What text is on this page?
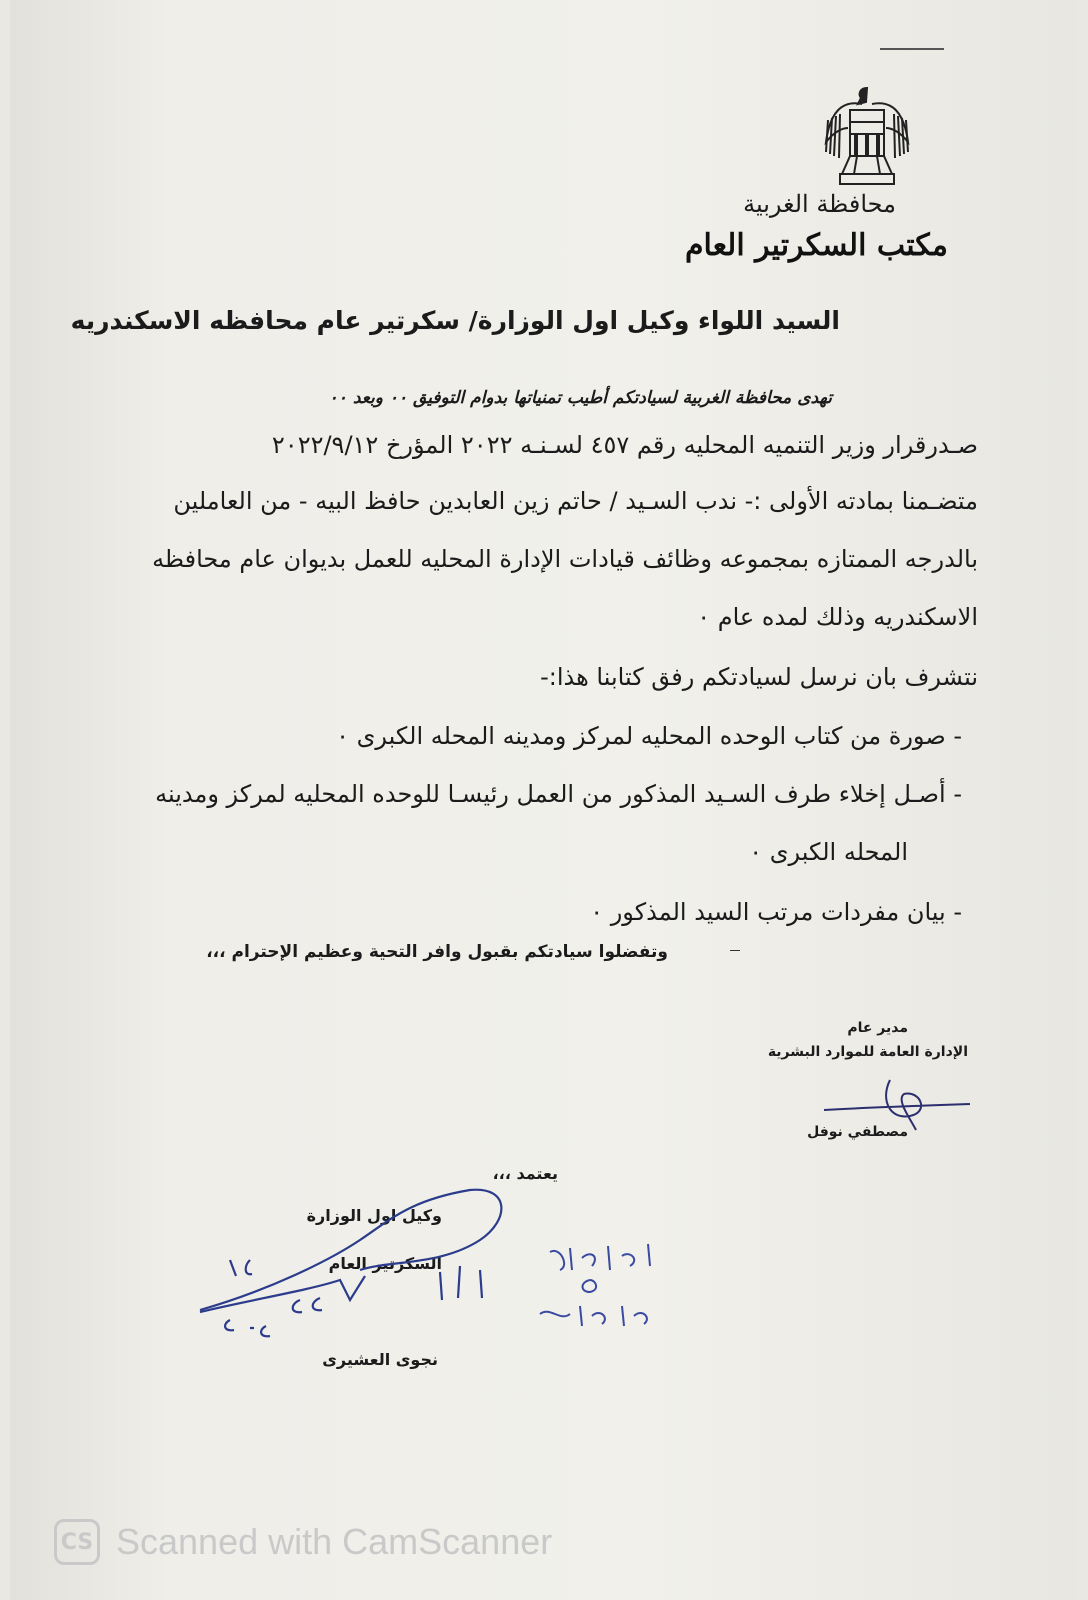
محافظة الغربية
مكتب السكرتير العام
السيد اللواء وكيل اول الوزارة/ سكرتير عام محافظه الاسكندريه
تهدى محافظة الغربية لسيادتكم أطيب تمنياتها بدوام التوفيق ٠٠ وبعد ٠٠
صـدرقرار وزير التنميه المحليه رقم ٤٥٧ لسـنـه ٢٠٢٢ المؤرخ ٢٠٢٢/٩/١٢
متضـمنا بمادته الأولى :- ندب السـيد / حاتم زين العابدين حافظ البيه - من العاملين
بالدرجه الممتازه بمجموعه وظائف قيادات الإدارة المحليه للعمل بديوان عام محافظه
الاسكندريه وذلك لمده عام ٠
نتشرف بان نرسل لسيادتكم رفق كتابنا هذا:-
- صورة من كتاب الوحده المحليه لمركز ومدينه المحله الكبرى ٠
- أصـل إخلاء طرف السـيد المذكور من العمل رئيسـا للوحده المحليه لمركز ومدينه
المحله الكبرى ٠
- بيان مفردات مرتب السيد المذكور ٠
وتفضلوا سيادتكم بقبول وافر التحية وعظيم الإحترام ،،،
مدير عام
الإدارة العامة للموارد البشرية
مصطفي نوفل
يعتمد ،،،
وكيل اول الوزارة
السكرتير العام
نجوى العشيرى
CS Scanned with CamScanner
